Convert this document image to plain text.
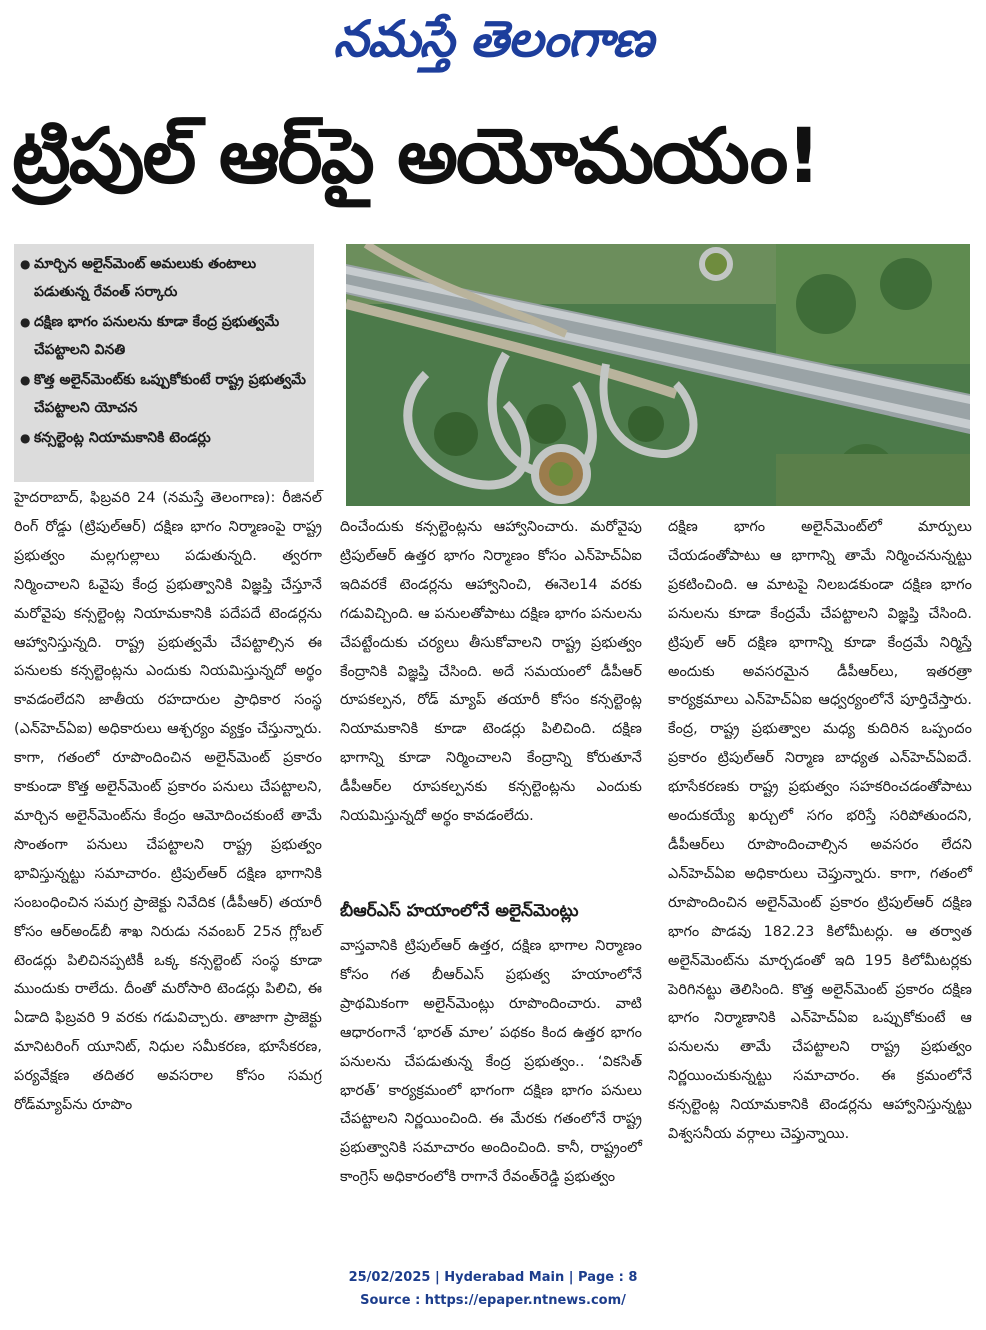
నమస్తే తెలంగాణ
ట్రిపుల్ ఆర్‌పై అయోమయం!
● మార్చిన అలైన్‌మెంట్ అమలుకు తంటాలు పడుతున్న రేవంత్ సర్కారు
● దక్షిణ భాగం పనులను కూడా కేంద్ర ప్రభుత్వమే చేపట్టాలని వినతి
● కొత్త అలైన్‌మెంట్‌కు ఒప్పుకోకుంటే రాష్ట్ర ప్రభుత్వమే చేపట్టాలని యోచన
● కన్సల్టెంట్ల నియామకానికి టెండర్లు

హైదరాబాద్, ఫిబ్రవరి 24 (నమస్తే తెలంగాణ): రీజినల్ రింగ్ రోడ్డు (ట్రిపుల్ఆర్) దక్షిణ భాగం నిర్మాణంపై రాష్ట్ర ప్రభుత్వం మల్లగుల్లాలు పడుతున్నది. త్వరగా నిర్మించాలని ఓవైపు కేంద్ర ప్రభుత్వానికి విజ్ఞప్తి చేస్తూనే మరోవైపు కన్సల్టెంట్ల నియామకానికి పదేపదే టెండర్లను ఆహ్వానిస్తున్నది. రాష్ట్ర ప్రభుత్వమే చేపట్టాల్సిన ఈ పనులకు కన్సల్టెంట్లను ఎందుకు నియమిస్తున్నదో అర్థం కావడంలేదని జాతీయ రహదారుల ప్రాధికార సంస్థ (ఎన్‌హెచ్‌ఏఐ) అధికారులు ఆశ్చర్యం వ్యక్తం చేస్తున్నారు. కాగా, గతంలో రూపొందించిన అలైన్‌మెంట్ ప్రకారం కాకుండా కొత్త అలైన్‌మెంట్ ప్రకారం పనులు చేపట్టాలని, మార్చిన అలైన్‌మెంట్‌ను కేంద్రం ఆమోదించకుంటే తామే సొంతంగా పనులు చేపట్టాలని రాష్ట్ర ప్రభుత్వం భావిస్తున్నట్టు సమాచారం. ట్రిపుల్ఆర్ దక్షిణ భాగానికి సంబంధించిన సమగ్ర ప్రాజెక్టు నివేదిక (డీపీఆర్) తయారీ కోసం ఆర్అండ్‌బీ శాఖ నిరుడు నవంబర్ 25న గ్లోబల్ టెండర్లు పిలిచినప్పటికీ ఒక్క కన్సల్టెంట్ సంస్థ కూడా ముందుకు రాలేదు. దీంతో మరోసారి టెండర్లు పిలిచి, ఈ ఏడాది ఫిబ్రవరి 9 వరకు గడువిచ్చారు. తాజాగా ప్రాజెక్టు మానిటరింగ్ యూనిట్, నిధుల సమీకరణ, భూసేకరణ, పర్యవేక్షణ తదితర అవసరాల కోసం సమగ్ర రోడ్‌మ్యాప్‌ను రూపొం

దించేందుకు కన్సల్టెంట్లను ఆహ్వానించారు. మరోవైపు ట్రిపుల్ఆర్ ఉత్తర భాగం నిర్మాణం కోసం ఎన్‌హెచ్‌ఏఐ ఇదివరకే టెండర్లను ఆహ్వానించి, ఈనెల14 వరకు గడువిచ్చింది. ఆ పనులతోపాటు దక్షిణ భాగం పనులను చేపట్టేందుకు చర్యలు తీసుకోవాలని రాష్ట్ర ప్రభుత్వం కేంద్రానికి విజ్ఞప్తి చేసింది. అదే సమయంలో డీపీఆర్ రూపకల్పన, రోడ్ మ్యాప్ తయారీ కోసం కన్సల్టెంట్ల నియామకానికి కూడా టెండర్లు పిలిచింది. దక్షిణ భాగాన్ని కూడా నిర్మించాలని కేంద్రాన్ని కోరుతూనే డీపీఆర్‌ల రూపకల్పనకు కన్సల్టెంట్లను ఎందుకు నియమిస్తున్నదో అర్థం కావడంలేదు.

బీఆర్‌ఎస్ హయాంలోనే అలైన్‌మెంట్లు

వాస్తవానికి ట్రిపుల్ఆర్ ఉత్తర, దక్షిణ భాగాల నిర్మాణం కోసం గత బీఆర్‌ఎస్ ప్రభుత్వ హయాంలోనే ప్రాథమికంగా అలైన్‌మెంట్లు రూపొందించారు. వాటి ఆధారంగానే ‘భారత్ మాల’ పథకం కింద ఉత్తర భాగం పనులను చేపడుతున్న కేంద్ర ప్రభుత్వం.. ‘వికసిత్ భారత్’ కార్యక్రమంలో భాగంగా దక్షిణ భాగం పనులు చేపట్టాలని నిర్ణయించింది. ఈ మేరకు గతంలోనే రాష్ట్ర ప్రభుత్వానికి సమాచారం అందించింది. కానీ, రాష్ట్రంలో కాంగ్రెస్ అధికారంలోకి రాగానే రేవంత్‌రెడ్డి ప్రభుత్వం

దక్షిణ భాగం అలైన్‌మెంట్‌లో మార్పులు చేయడంతోపాటు ఆ భాగాన్ని తామే నిర్మించనున్నట్టు ప్రకటించింది. ఆ మాటపై నిలబడకుండా దక్షిణ భాగం పనులను కూడా కేంద్రమే చేపట్టాలని విజ్ఞప్తి చేసింది. ట్రిపుల్ ఆర్ దక్షిణ భాగాన్ని కూడా కేంద్రమే నిర్మిస్తే అందుకు అవసరమైన డీపీఆర్‌లు, ఇతరత్రా కార్యక్రమాలు ఎన్‌హెచ్‌ఏఐ ఆధ్వర్యంలోనే పూర్తిచేస్తారు. కేంద్ర, రాష్ట్ర ప్రభుత్వాల మధ్య కుదిరిన ఒప్పందం ప్రకారం ట్రిపుల్ఆర్ నిర్మాణ బాధ్యత ఎన్‌హెచ్‌ఏఐదే. భూసేకరణకు రాష్ట్ర ప్రభుత్వం సహకరించడంతోపాటు అందుకయ్యే ఖర్చులో సగం భరిస్తే సరిపోతుందని, డీపీఆర్‌లు రూపొందించాల్సిన అవసరం లేదని ఎన్‌హెచ్‌ఏఐ అధికారులు చెప్తున్నారు. కాగా, గతంలో రూపొందించిన అలైన్‌మెంట్ ప్రకారం ట్రిపుల్ఆర్ దక్షిణ భాగం పొడవు 182.23 కిలోమీటర్లు. ఆ తర్వాత అలైన్‌మెంట్‌ను మార్చడంతో ఇది 195 కిలోమీటర్లకు పెరిగినట్టు తెలిసింది. కొత్త అలైన్‌మెంట్ ప్రకారం దక్షిణ భాగం నిర్మాణానికి ఎన్‌హెచ్‌ఏఐ ఒప్పుకోకుంటే ఆ పనులను తామే చేపట్టాలని రాష్ట్ర ప్రభుత్వం నిర్ణయించుకున్నట్టు సమాచారం. ఈ క్రమంలోనే కన్సల్టెంట్ల నియామకానికి టెండర్లను ఆహ్వానిస్తున్నట్టు విశ్వసనీయ వర్గాలు చెప్తున్నాయి.

25/02/2025 | Hyderabad Main | Page : 8
Source : https://epaper.ntnews.com/
